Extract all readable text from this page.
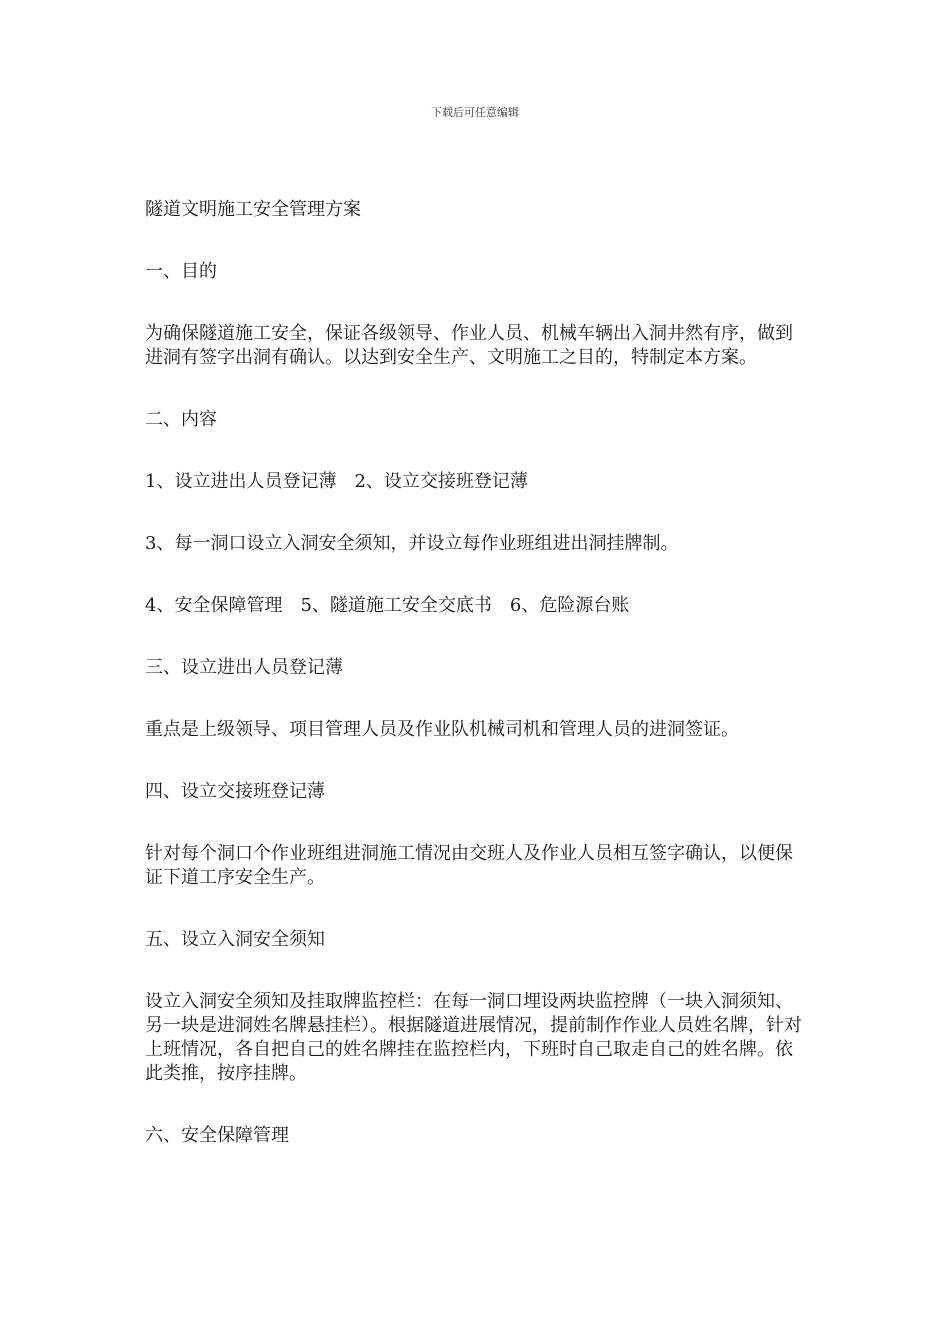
下载后可任意编辑

隧道文明施工安全管理方案

一、目的

为确保隧道施工安全，保证各级领导、作业人员、机械车辆出入洞井然有序，做到进洞有签字出洞有确认。以达到安全生产、文明施工之目的，特制定本方案。

二、内容

1、设立进出人员登记薄　2、设立交接班登记薄

3、每一洞口设立入洞安全须知，并设立每作业班组进出洞挂牌制。

4、安全保障管理　5、隧道施工安全交底书　6、危险源台账

三、设立进出人员登记薄

重点是上级领导、项目管理人员及作业队机械司机和管理人员的进洞签证。

四、设立交接班登记薄

针对每个洞口个作业班组进洞施工情况由交班人及作业人员相互签字确认，以便保证下道工序安全生产。

五、设立入洞安全须知

设立入洞安全须知及挂取牌监控栏：在每一洞口埋设两块监控牌（一块入洞须知、另一块是进洞姓名牌悬挂栏）。根据隧道进展情况，提前制作作业人员姓名牌，针对上班情况，各自把自己的姓名牌挂在监控栏内，下班时自己取走自己的姓名牌。依此类推，按序挂牌。

六、安全保障管理
